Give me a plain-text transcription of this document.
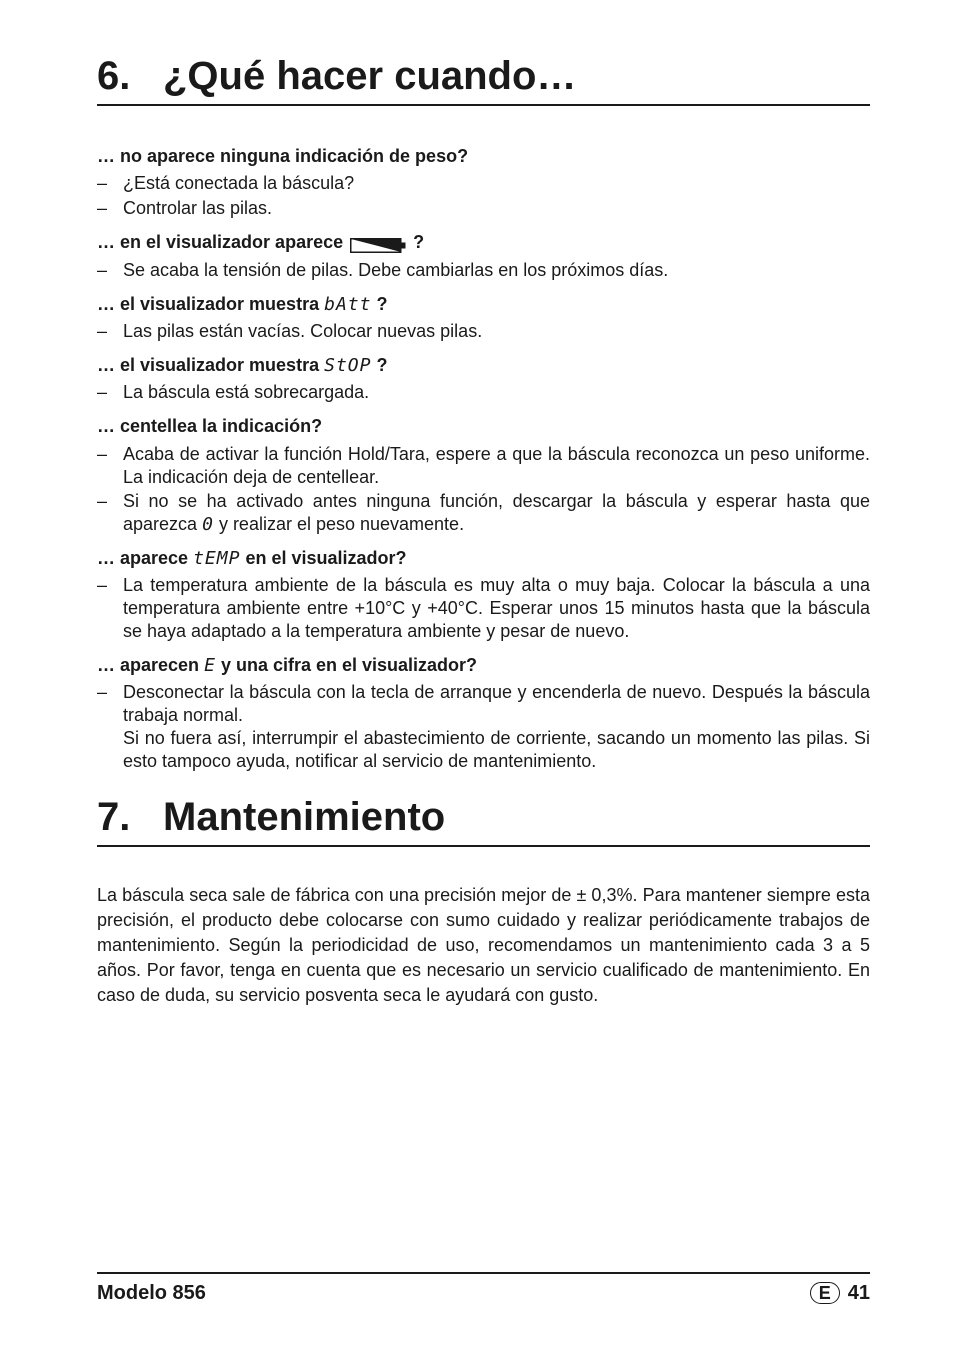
6. ¿Qué hacer cuando…
… no aparece ninguna indicación de peso?
– ¿Está conectada la báscula?
– Controlar las pilas.
… en el visualizador aparece	?
– Se acaba la tensión de pilas. Debe cambiarlas en los próximos días.
… el visualizador muestra bAtt ?
– Las pilas están vacías. Colocar nuevas pilas.
… el visualizador muestra StOP ?
– La báscula está sobrecargada.
… centellea la indicación?
– Acaba de activar la función Hold/Tara, espere a que la báscula reconozca un peso uniforme. La indicación deja de centellear.
– Si no se ha activado antes ninguna función, descargar la báscula y esperar hasta que
aparezca 0 y realizar el peso nuevamente.
… aparece tEMP en el visualizador?
– La temperatura ambiente de la báscula es muy alta o muy baja. Colocar la báscula a una temperatura ambiente entre +10°C y +40°C. Esperar unos 15 minutos hasta que la báscula se haya adaptado a la temperatura ambiente y pesar de nuevo.
… aparecen E y una cifra en el visualizador?
– Desconectar la báscula con la tecla de arranque y encenderla de nuevo. Después la báscula trabaja normal.
Si no fuera así, interrumpir el abastecimiento de corriente, sacando un momento las pilas. Si esto tampoco ayuda, notificar al servicio de mantenimiento.
7. Mantenimiento
La báscula seca sale de fábrica con una precisión mejor de ± 0,3%. Para mantener siempre esta precisión, el producto debe colocarse con sumo cuidado y realizar periódicamente trabajos de mantenimiento. Según la periodicidad de uso, recomendamos un mantenimiento cada 3 a 5 años. Por favor, tenga en cuenta que es necesario un servicio cualificado de mantenimiento. En caso de duda, su servicio posventa seca le ayudará con gusto.
Modelo 856	E 41
